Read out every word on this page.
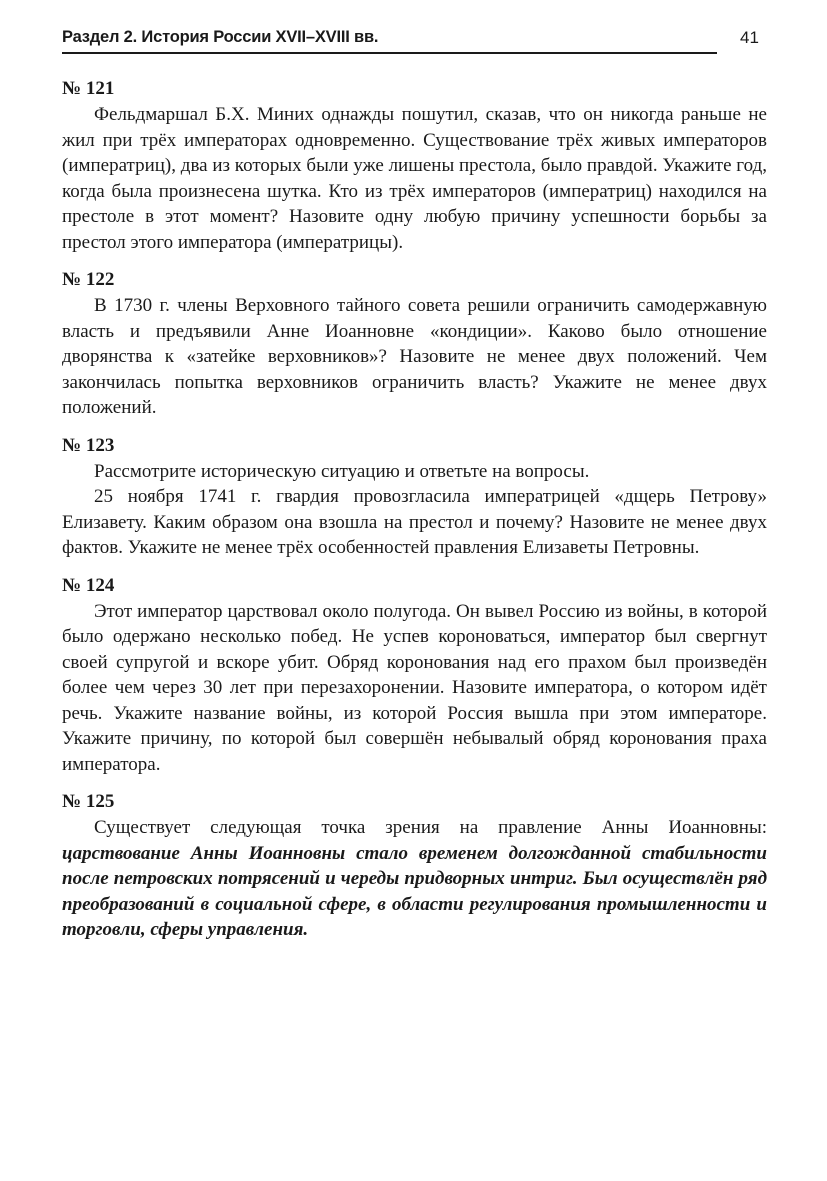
Раздел 2. История России XVII–XVIII вв.	41

№ 121

Фельдмаршал Б.Х. Миних однажды пошутил, сказав, что он никогда раньше не жил при трёх императорах одновременно. Существование трёх живых императоров (императриц), два из которых были уже лишены престола, было правдой. Укажите год, когда была произнесена шутка. Кто из трёх императоров (императриц) находился на престоле в этот момент? Назовите одну любую причину успешности борьбы за престол этого императора (императрицы).

№ 122

В 1730 г. члены Верховного тайного совета решили ограничить самодержавную власть и предъявили Анне Иоанновне «кондиции». Каково было отношение дворянства к «затейке верховников»? Назовите не менее двух положений. Чем закончилась попытка верховников ограничить власть? Укажите не менее двух положений.

№ 123

Рассмотрите историческую ситуацию и ответьте на вопросы.

25 ноября 1741 г. гвардия провозгласила императрицей «дщерь Петрову» Елизавету. Каким образом она взошла на престол и почему? Назовите не менее двух фактов. Укажите не менее трёх особенностей правления Елизаветы Петровны.

№ 124

Этот император царствовал около полугода. Он вывел Россию из войны, в которой было одержано несколько побед. Не успев короноваться, император был свергнут своей супругой и вскоре убит. Обряд коронования над его прахом был произведён более чем через 30 лет при перезахоронении. Назовите императора, о котором идёт речь. Укажите название войны, из которой Россия вышла при этом императоре. Укажите причину, по которой был совершён небывалый обряд коронования праха императора.

№ 125

Существует следующая точка зрения на правление Анны Иоанновны: царствование Анны Иоанновны стало временем долгожданной стабильности после петровских потрясений и череды придворных интриг. Был осуществлён ряд преобразований в социальной сфере, в области регулирования промышленности и торговли, сферы управления.
